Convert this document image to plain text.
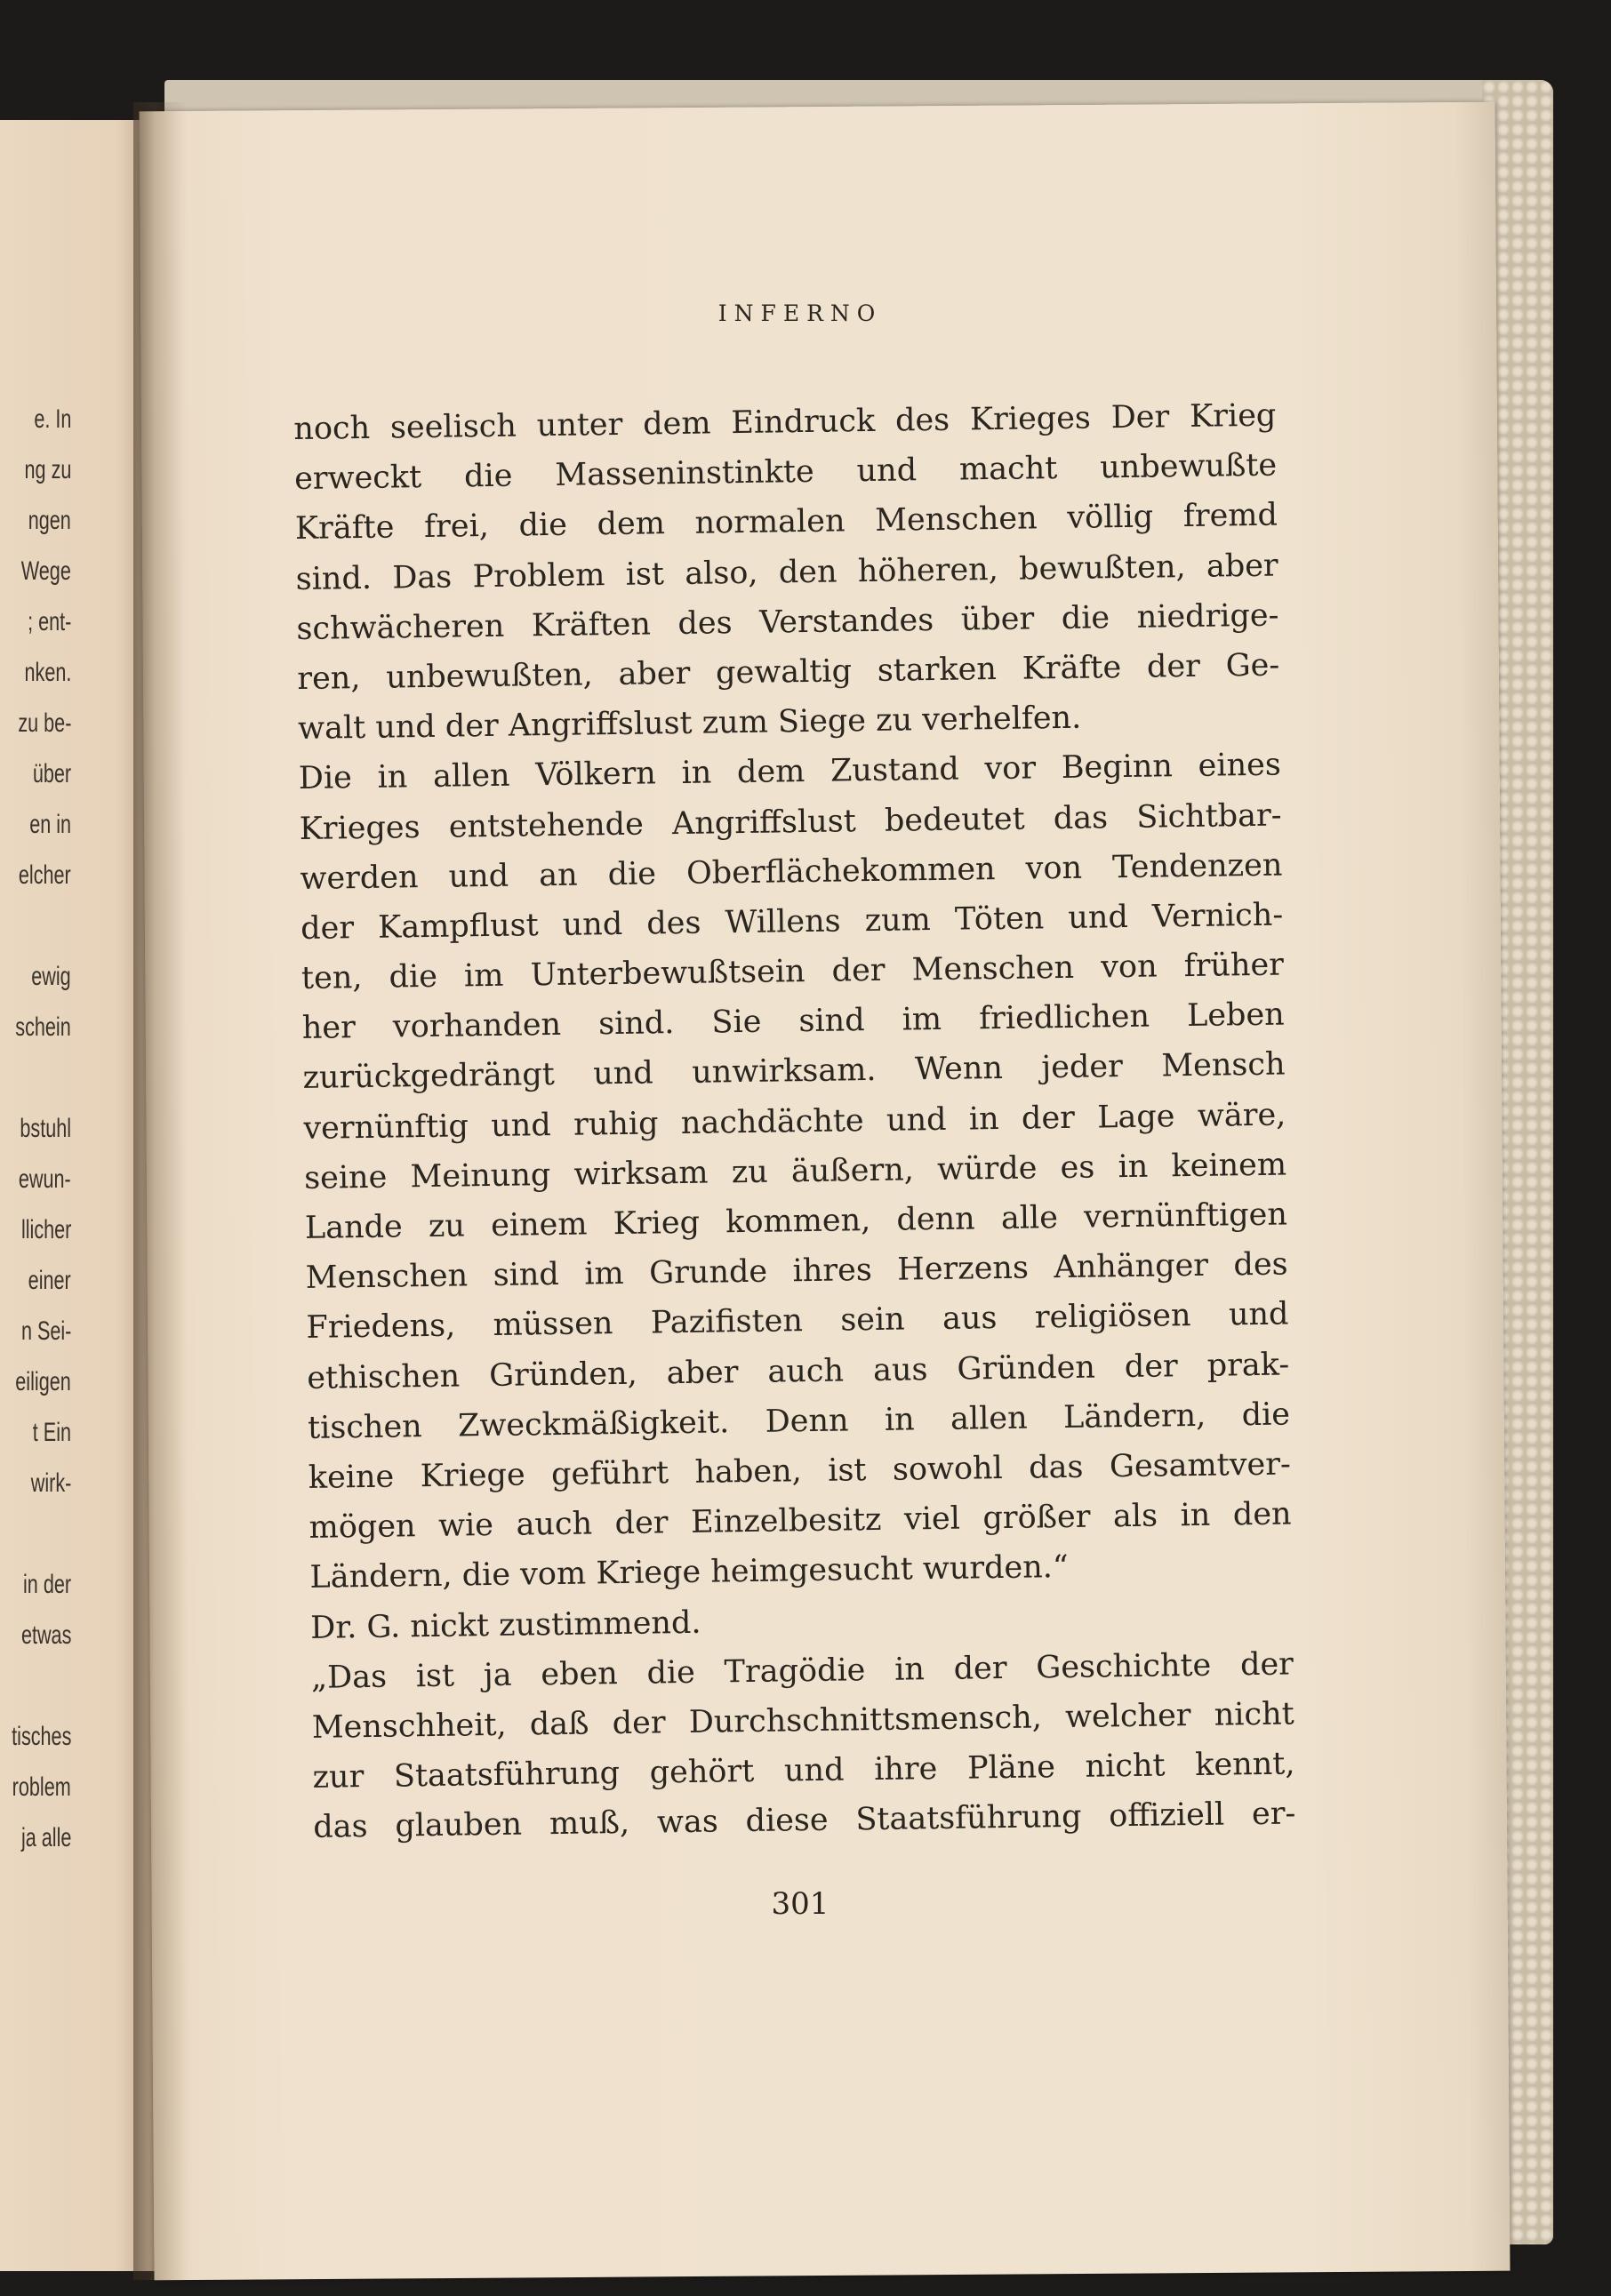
e. In
ng zu
ngen
Wege
; ent-
nken.
zu be-
über
en in
elcher
ewig
schein
bstuhl
ewun-
llicher
einer
n Sei-
eiligen
t Ein
wirk-
in der
etwas
tisches
roblem
ja alle
INFERNO
noch seelisch unter dem Eindruck des Krieges Der Krieg
erweckt die Masseninstinkte und macht unbewußte
Kräfte frei, die dem normalen Menschen völlig fremd
sind. Das Problem ist also, den höheren, bewußten, aber
schwächeren Kräften des Verstandes über die niedrige-
ren, unbewußten, aber gewaltig starken Kräfte der Ge-
walt und der Angriffslust zum Siege zu verhelfen.
Die in allen Völkern in dem Zustand vor Beginn eines
Krieges entstehende Angriffslust bedeutet das Sichtbar-
werden und an die Oberflächekommen von Tendenzen
der Kampflust und des Willens zum Töten und Vernich-
ten, die im Unterbewußtsein der Menschen von früher
her vorhanden sind. Sie sind im friedlichen Leben
zurückgedrängt und unwirksam. Wenn jeder Mensch
vernünftig und ruhig nachdächte und in der Lage wäre,
seine Meinung wirksam zu äußern, würde es in keinem
Lande zu einem Krieg kommen, denn alle vernünftigen
Menschen sind im Grunde ihres Herzens Anhänger des
Friedens, müssen Pazifisten sein aus religiösen und
ethischen Gründen, aber auch aus Gründen der prak-
tischen Zweckmäßigkeit. Denn in allen Ländern, die
keine Kriege geführt haben, ist sowohl das Gesamtver-
mögen wie auch der Einzelbesitz viel größer als in den
Ländern, die vom Kriege heimgesucht wurden.“
Dr. G. nickt zustimmend.
„Das ist ja eben die Tragödie in der Geschichte der
Menschheit, daß der Durchschnittsmensch, welcher nicht
zur Staatsführung gehört und ihre Pläne nicht kennt,
das glauben muß, was diese Staatsführung offiziell er-
301
